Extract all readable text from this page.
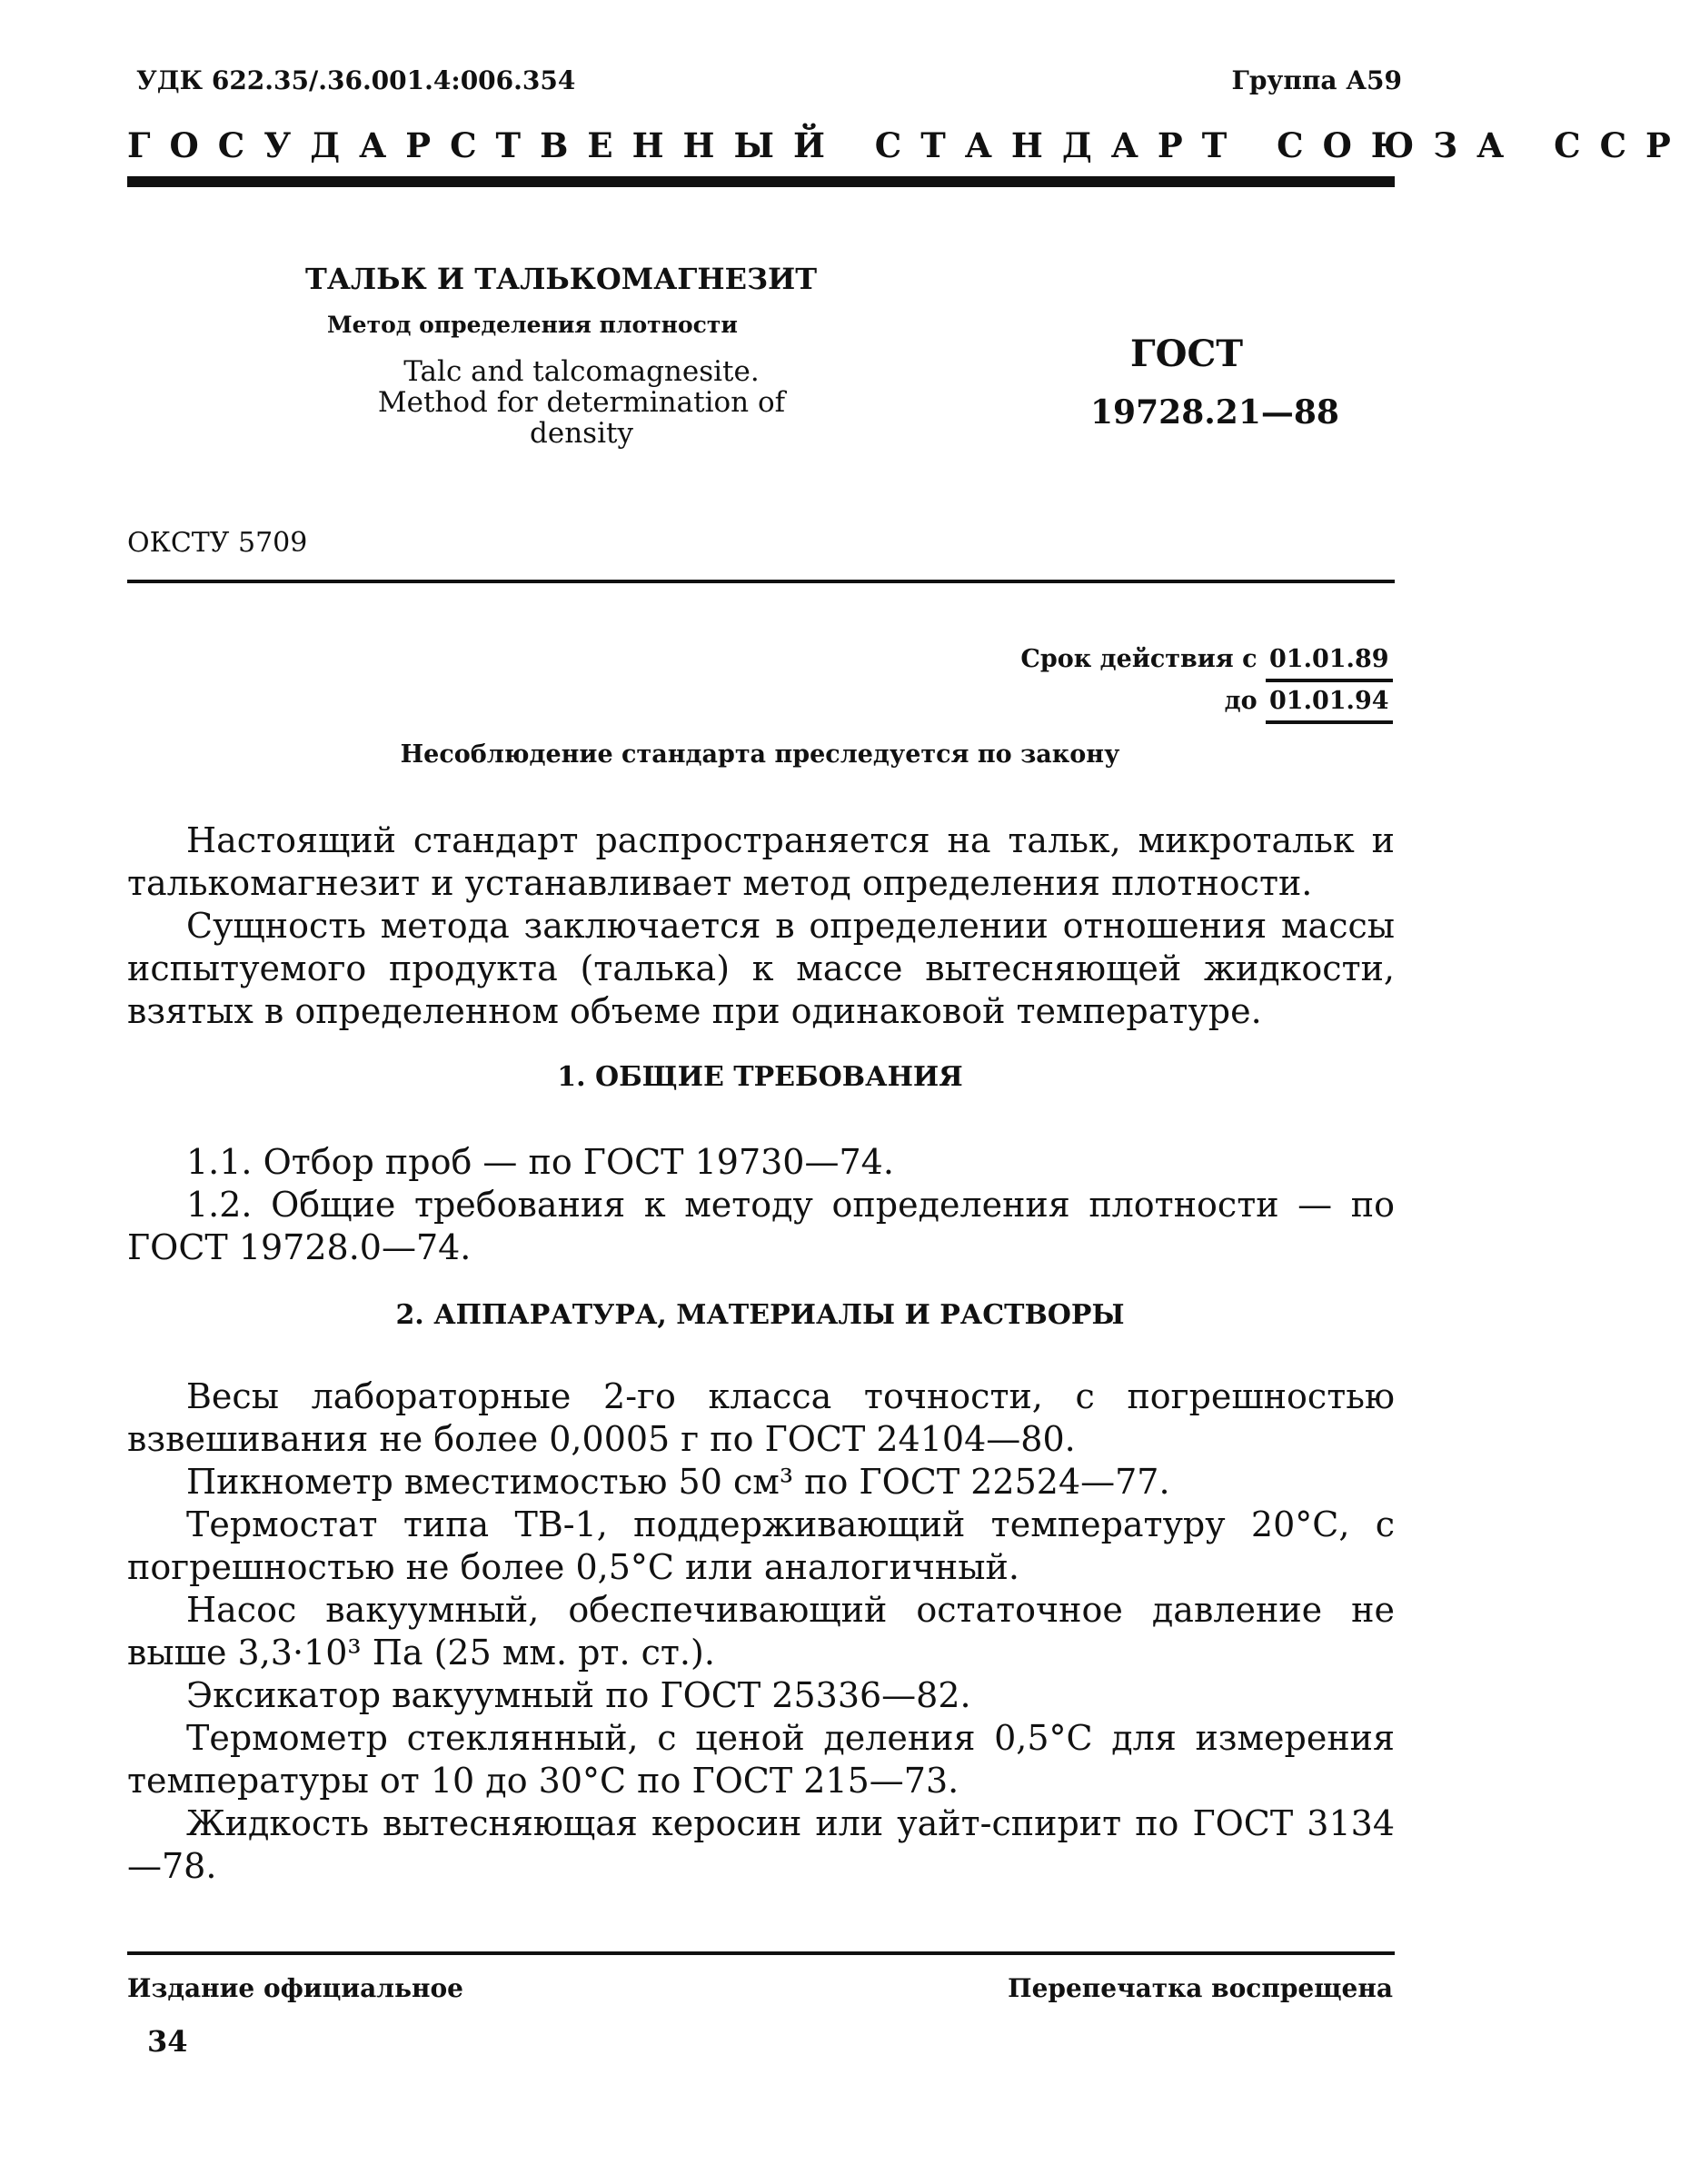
УДК 622.35/.36.001.4:006.354	Группа А59
ГОСУДАРСТВЕННЫЙ СТАНДАРТ СОЮЗА ССР
ТАЛЬК И ТАЛЬКОМАГНЕЗИТ
Метод определения плотности
Talc and talcomagnesite. Method for determination of density
ГОСТ
19728.21—88
ОКСТУ 5709
Срок действия с 01.01.89
до 01.01.94
Несоблюдение стандарта преследуется по закону

Настоящий стандарт распространяется на тальк, микротальк и талькомагнезит и устанавливает метод определения плотности.

Сущность метода заключается в определении отношения массы испытуемого продукта (талька) к массе вытесняющей жидкости, взятых в определенном объеме при одинаковой температуре.

1. ОБЩИЕ ТРЕБОВАНИЯ

1.1. Отбор проб — по ГОСТ 19730—74.

1.2. Общие требования к методу определения плотности — по ГОСТ 19728.0—74.

2. АППАРАТУРА, МАТЕРИАЛЫ И РАСТВОРЫ

Весы лабораторные 2-го класса точности, с погрешностью взвешивания не более 0,0005 г по ГОСТ 24104—80.

Пикнометр вместимостью 50 см³ по ГОСТ 22524—77.

Термостат типа ТВ-1, поддерживающий температуру 20°С, с погрешностью не более 0,5°С или аналогичный.

Насос вакуумный, обеспечивающий остаточное давление не выше 3,3·10³ Па (25 мм. рт. ст.).

Эксикатор вакуумный по ГОСТ 25336—82.

Термометр стеклянный, с ценой деления 0,5°С для измерения температуры от 10 до 30°С по ГОСТ 215—73.

Жидкость вытесняющая керосин или уайт-спирит по ГОСТ 3134—78.

Издание официальное	Перепечатка воспрещена
34
